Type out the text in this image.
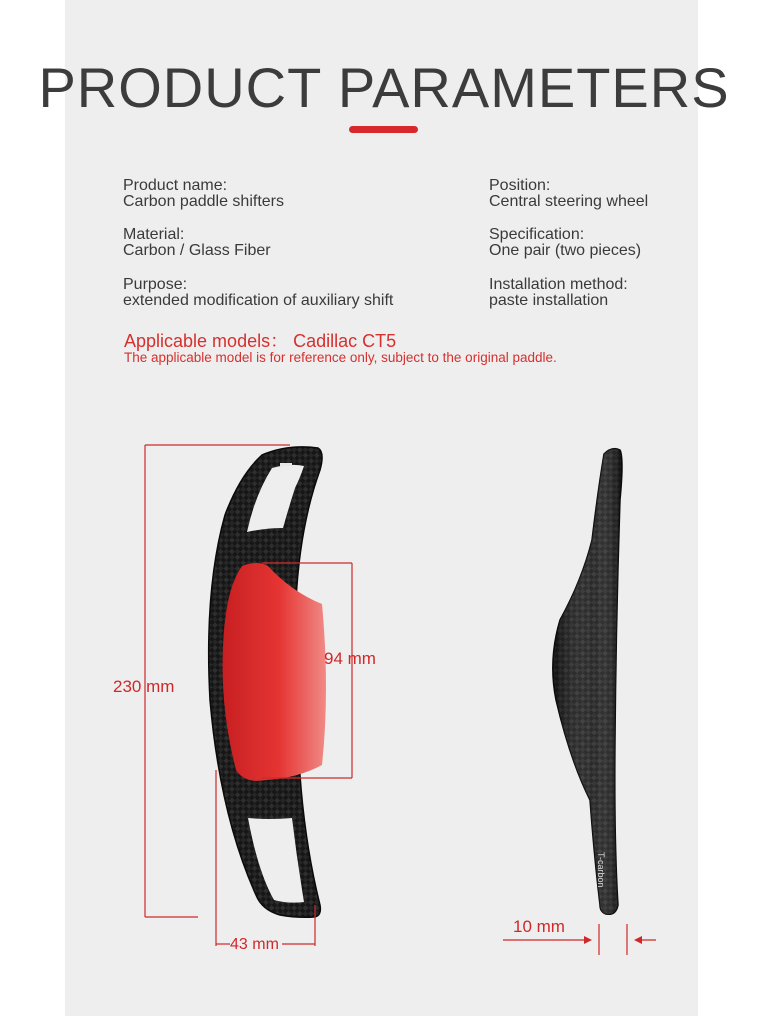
PRODUCT PARAMETERS
Product name:
Carbon paddle shifters
Material:
Carbon / Glass Fiber
Purpose:
extended modification of auxiliary shift
Position:
Central steering wheel
Specification:
One pair (two pieces)
Installation method:
paste installation
Applicable models： Cadillac CT5
The applicable model is for reference only, subject to the original paddle.
T-carbon
230 mm
94 mm
43 mm
10 mm
